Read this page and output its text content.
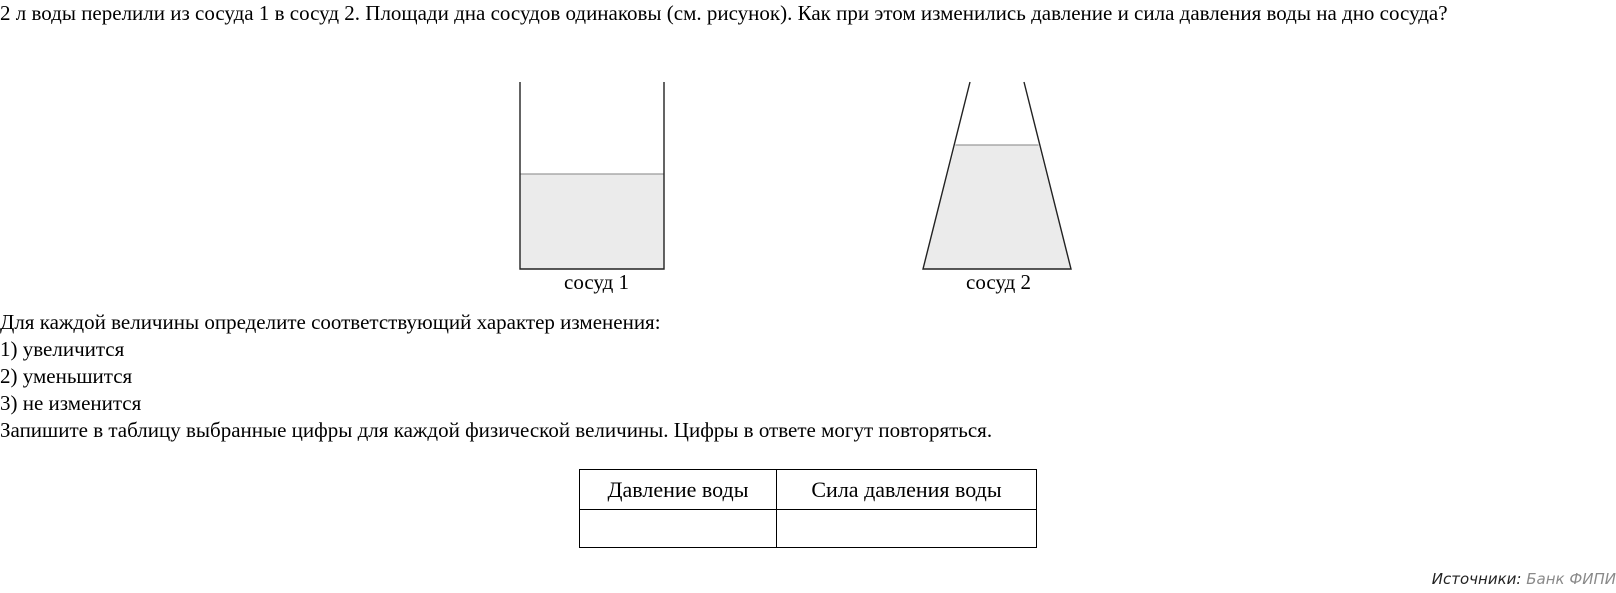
2 л воды перелили из сосуда 1 в сосуд 2. Площади дна сосудов одинаковы (см. рисунок). Как при этом изменились давление и сила давления воды на дно сосуда?

сосуд 1	сосуд 2
Для каждой величины определите соответствующий характер изменения:
1) увеличится
2) уменьшится
3) не изменится
Запишите в таблицу выбранные цифры для каждой физической величины. Цифры в ответе могут повторяться.
Давление воды	Сила давления воды

Источники: Банк ФИПИ
